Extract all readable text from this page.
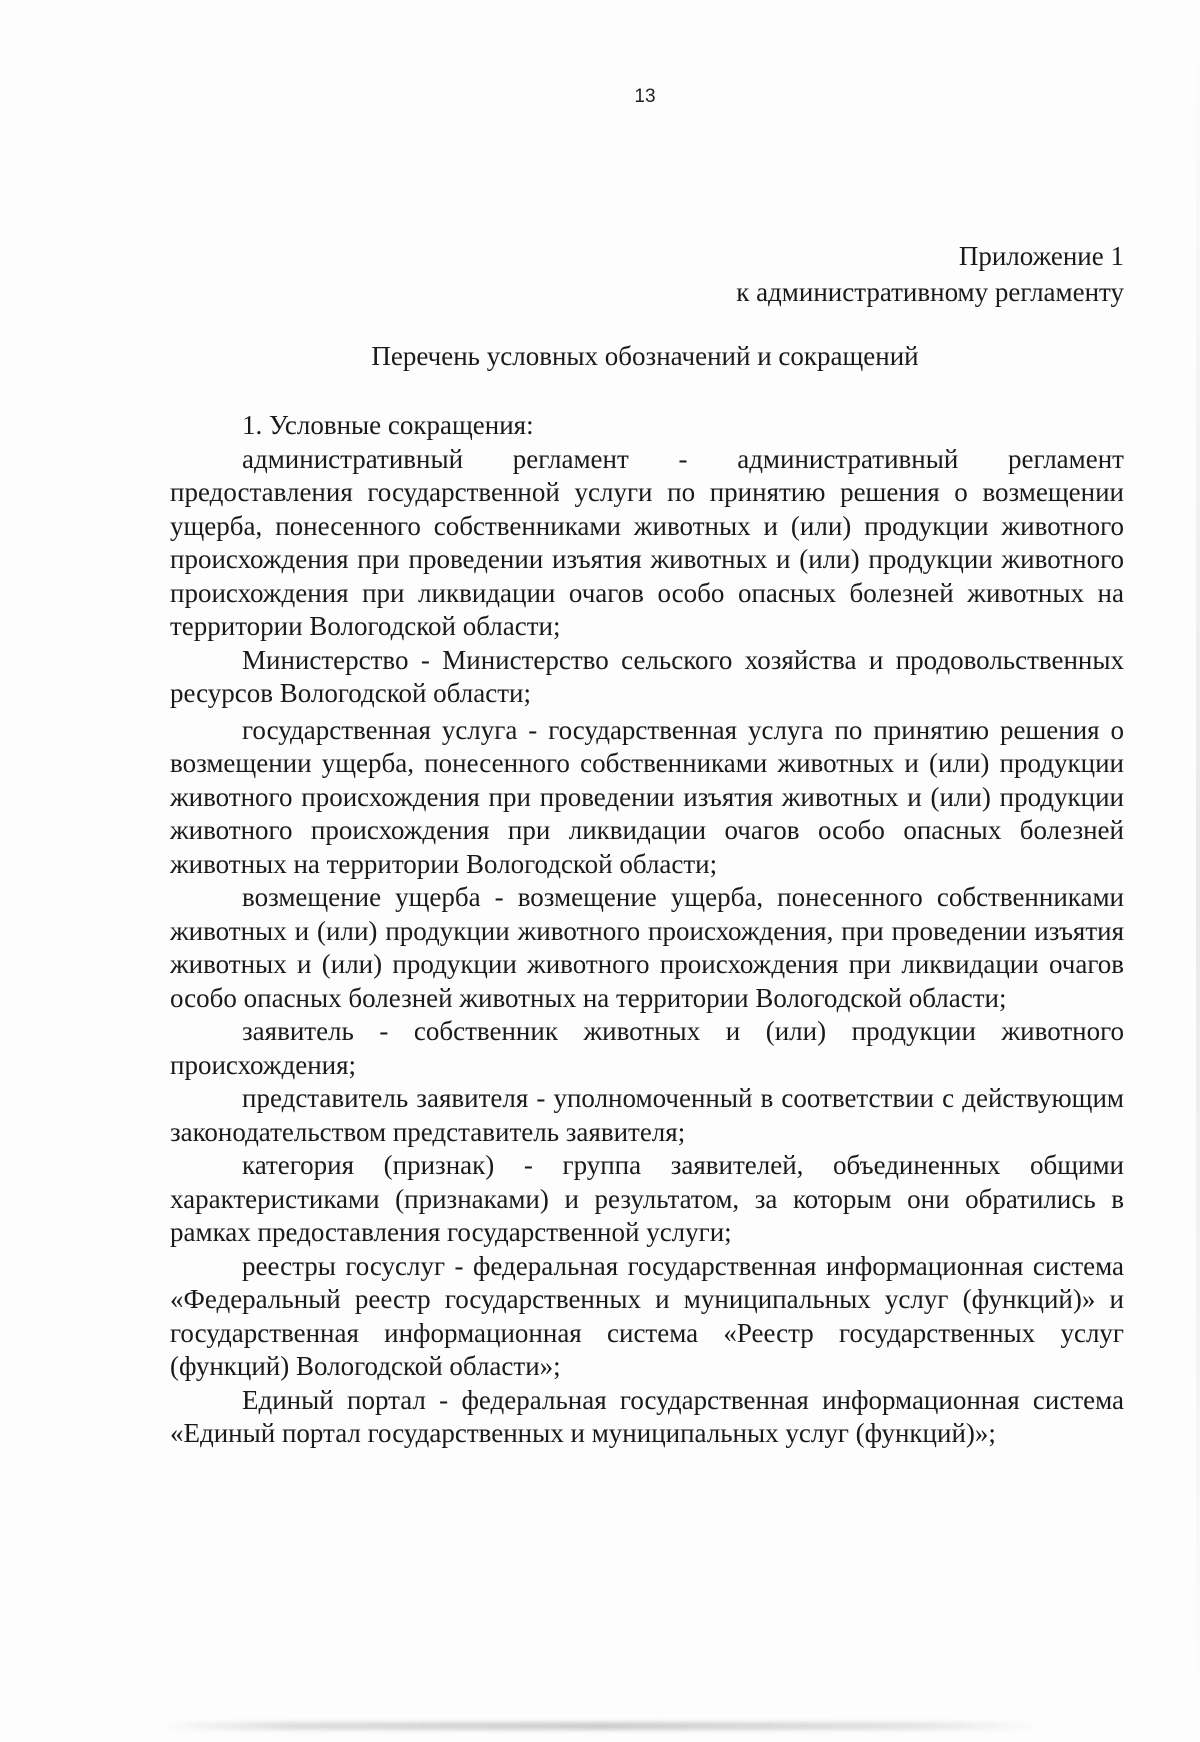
13
Приложение 1
к административному регламенту
Перечень условных обозначений и сокращений

1. Условные сокращения:

административный регламент - административный регламент предоставления государственной услуги по принятию решения о возмещении ущерба, понесенного собственниками животных и (или) продукции животного происхождения при проведении изъятия животных и (или) продукции животного происхождения при ликвидации очагов особо опасных болезней животных на территории Вологодской области;

Министерство - Министерство сельского хозяйства и продовольственных ресурсов Вологодской области;

государственная услуга - государственная услуга по принятию решения о возмещении ущерба, понесенного собственниками животных и (или) продукции животного происхождения при проведении изъятия животных и (или) продукции животного происхождения при ликвидации очагов особо опасных болезней животных на территории Вологодской области;

возмещение ущерба - возмещение ущерба, понесенного собственниками животных и (или) продукции животного происхождения, при проведении изъятия животных и (или) продукции животного происхождения при ликвидации очагов особо опасных болезней животных на территории Вологодской области;

заявитель - собственник животных и (или) продукции животного происхождения;

представитель заявителя - уполномоченный в соответствии с действующим законодательством представитель заявителя;

категория (признак) - группа заявителей, объединенных общими характеристиками (признаками) и результатом, за которым они обратились в рамках предоставления государственной услуги;

реестры госуслуг - федеральная государственная информационная система «Федеральный реестр государственных и муниципальных услуг (функций)» и государственная информационная система «Реестр государственных услуг (функций) Вологодской области»;

Единый портал - федеральная государственная информационная система «Единый портал государственных и муниципальных услуг (функций)»;
